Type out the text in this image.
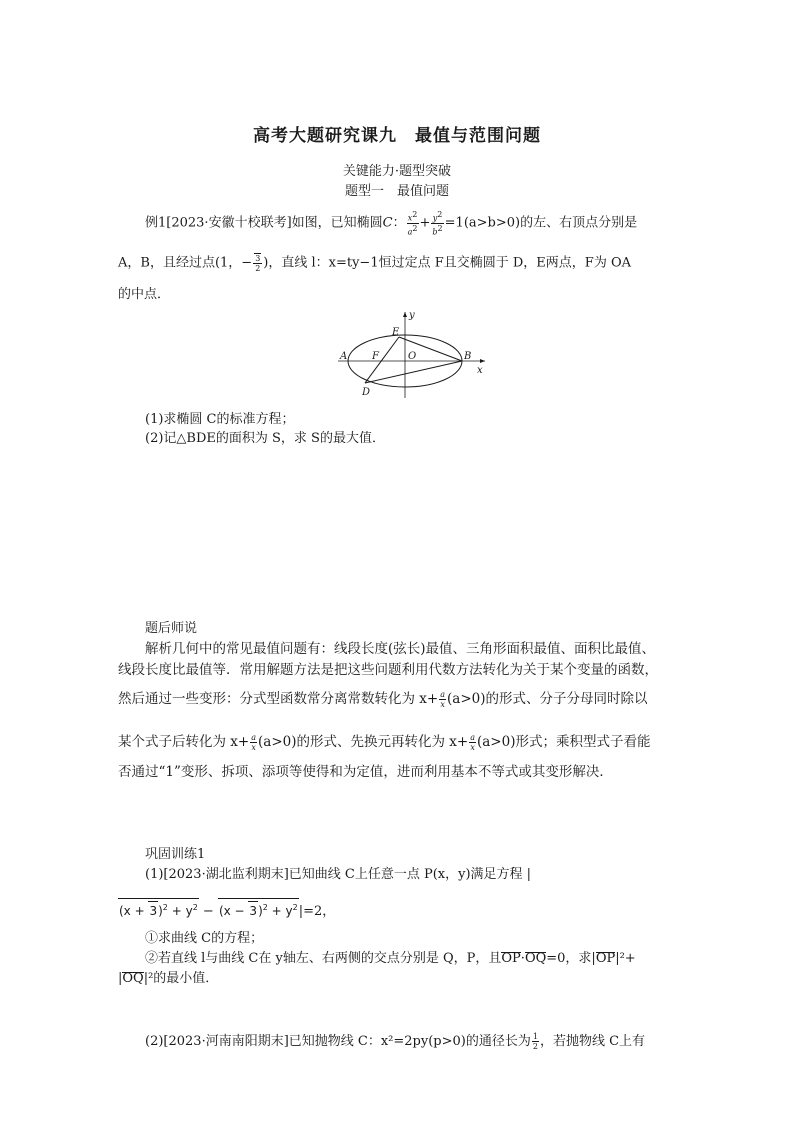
高考大题研究课九　最值与范围问题
关键能力·题型突破
题型一　最值问题
例1[2023·安徽十校联考]如图，已知椭圆C： $\frac{x^2}{a^2} + \frac{y^2}{b^2} =1(a>b>0)$的左、右顶点分别是
A，B，且经过点(1，− $\frac{3}{2}$ )，直线 l：x=ty−1恒过定点 F且交椭圆于 D，E两点，F为 OA
的中点．
E
y
A F	O	B
x
D
(1)求椭圆 C的标准方程；
(2)记△BDE的面积为 S，求 S的最大值．
题后师说
解析几何中的常见最值问题有：线段长度(弦长)最值、三角形面积最值、面积比最值、
线段长度比最值等．常用解题方法是把这些问题利用代数方法转化为关于某个变量的函数，
然后通过一些变形：分式型函数常分离常数转化为 $x+ \frac{a}{x} (a>0)$的形式、分子分母同时除以
某个式子后转化为 $x+ \frac{a}{x} (a>0)$的形式、先换元再转化为 $x+ \frac{a}{x} (a>0)$形式；乘积型式子看能
否通过“1”变形、拆项、添项等使得和为定值，进而利用基本不等式或其变形解决．
巩固训练1
(1)[2023·湖北监利期末]已知曲线 C上任意一点 P(x，y)满足方程 |
$(x + 3)^2 + y^2 - (x - 3)^2 + y^2|=2$，
①求曲线 C的方程；
②若直线 l与曲线 C在 y轴左、右两侧的交点分别是 Q，P，且OP·OQ=0，求|OP|²+
|OQ|²的最小值．
(2)[2023·河南南阳期末]已知抛物线 C：x²=2py(p>0)的通径长为 $\frac{1}{2}$ ，若抛物线 C上有
